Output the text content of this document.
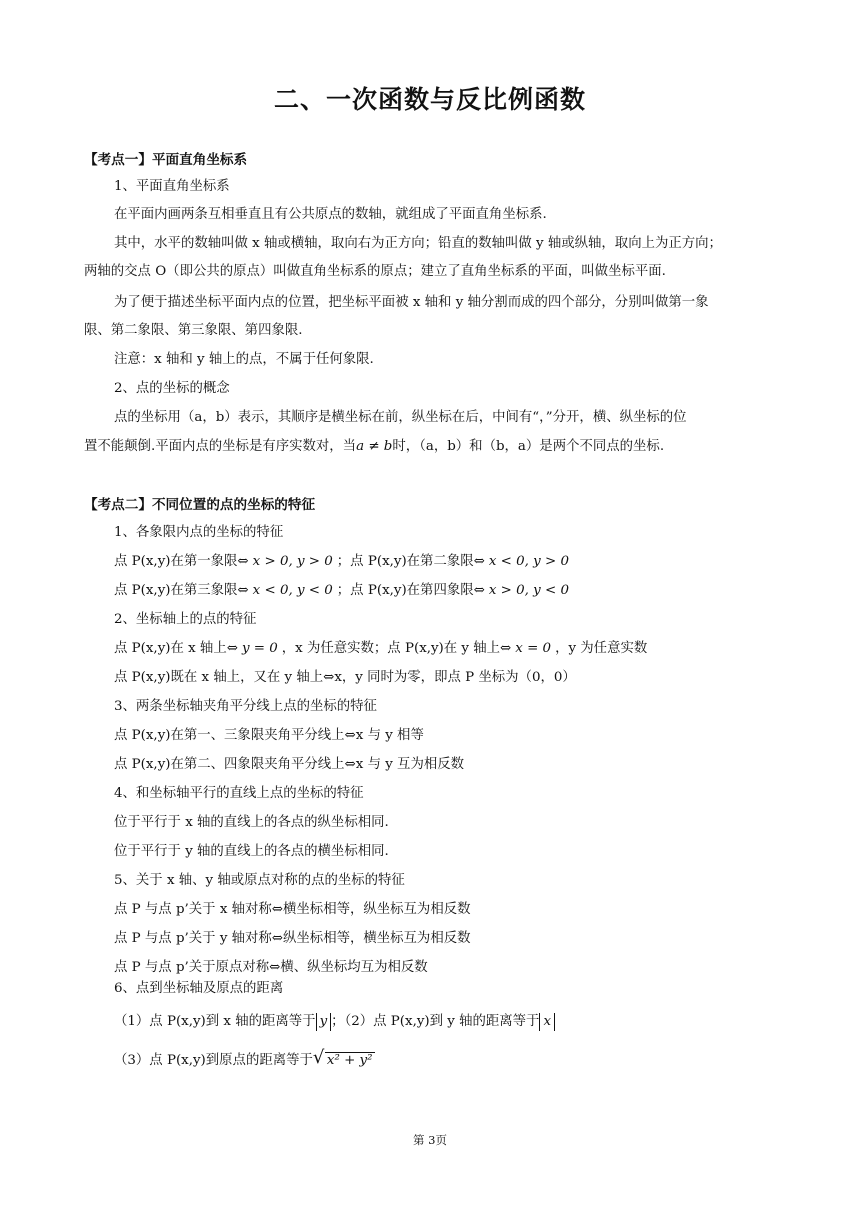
二、一次函数与反比例函数
【考点一】平面直角坐标系
1、平面直角坐标系
在平面内画两条互相垂直且有公共原点的数轴，就组成了平面直角坐标系.
其中，水平的数轴叫做 x 轴或横轴，取向右为正方向；铅直的数轴叫做 y 轴或纵轴，取向上为正方向；
两轴的交点 O（即公共的原点）叫做直角坐标系的原点；建立了直角坐标系的平面，叫做坐标平面.
为了便于描述坐标平面内点的位置，把坐标平面被 x 轴和 y 轴分割而成的四个部分，分别叫做第一象
限、第二象限、第三象限、第四象限.
注意：x 轴和 y 轴上的点，不属于任何象限.
2、点的坐标的概念
点的坐标用（a，b）表示，其顺序是横坐标在前，纵坐标在后，中间有“，”分开，横、纵坐标的位
置不能颠倒.平面内点的坐标是有序实数对，当a ≠ b时，（a，b）和（b，a）是两个不同点的坐标.
【考点二】不同位置的点的坐标的特征
1、各象限内点的坐标的特征
点 P(x,y)在第一象限⇔ x > 0, y > 0 ；点 P(x,y)在第二象限⇔ x < 0, y > 0
点 P(x,y)在第三象限⇔ x < 0, y < 0 ；点 P(x,y)在第四象限⇔ x > 0, y < 0
2、坐标轴上的点的特征
点 P(x,y)在 x 轴上⇔ y = 0 ，x 为任意实数；点 P(x,y)在 y 轴上⇔ x = 0 ，y 为任意实数
点 P(x,y)既在 x 轴上，又在 y 轴上⇔x，y 同时为零，即点 P 坐标为（0，0）
3、两条坐标轴夹角平分线上点的坐标的特征
点 P(x,y)在第一、三象限夹角平分线上⇔x 与 y 相等
点 P(x,y)在第二、四象限夹角平分线上⇔x 与 y 互为相反数
4、和坐标轴平行的直线上点的坐标的特征
位于平行于 x 轴的直线上的各点的纵坐标相同.
位于平行于 y 轴的直线上的各点的横坐标相同.
5、关于 x 轴、y 轴或原点对称的点的坐标的特征
点 P 与点 p’关于 x 轴对称⇔横坐标相等，纵坐标互为相反数
点 P 与点 p’关于 y 轴对称⇔纵坐标相等，横坐标互为相反数
点 P 与点 p’关于原点对称⇔横、纵坐标均互为相反数
6、点到坐标轴及原点的距离
（1）点 P(x,y)到 x 轴的距离等于 y ；（2）点 P(x,y)到 y 轴的距离等于 x
（3）点 P(x,y)到原点的距离等于 √ x² + y²
第 3页
